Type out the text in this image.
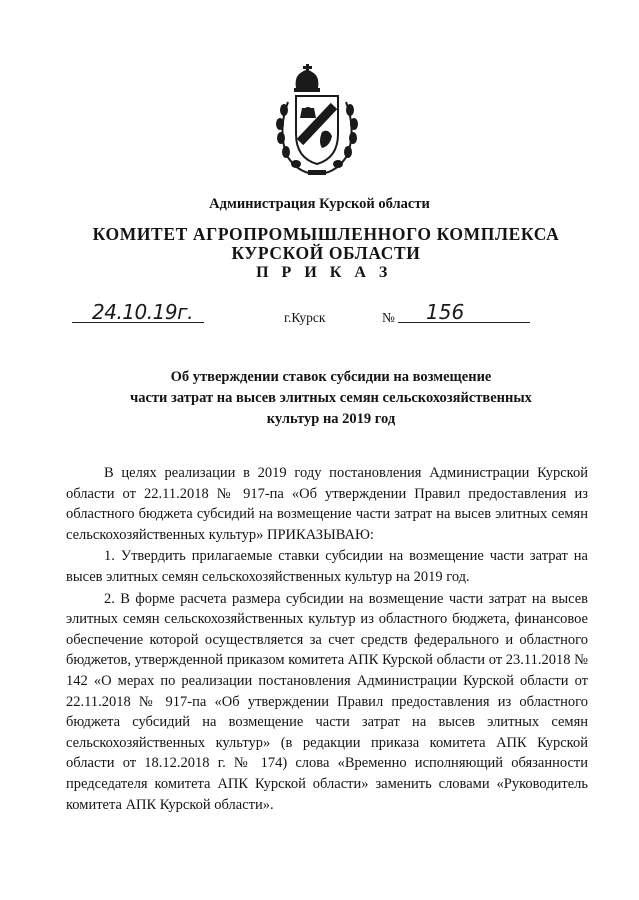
Администрация Курской области
КОМИТЕТ АГРОПРОМЫШЛЕННОГО КОМПЛЕКСА
КУРСКОЙ ОБЛАСТИ
П Р И К А З
24.10.19г.	г.Курск	№ 156
Об утверждении ставок субсидии на возмещение
части затрат на высев элитных семян сельскохозяйственных
культур на 2019 год

В целях реализации в 2019 году постановления Администрации Курской области от 22.11.2018 № 917-па «Об утверждении Правил предоставления из областного бюджета субсидий на возмещение части затрат на высев элитных семян сельскохозяйственных культур» ПРИКАЗЫВАЮ:

1. Утвердить прилагаемые ставки субсидии на возмещение части затрат на высев элитных семян сельскохозяйственных культур на 2019 год.

2. В форме расчета размера субсидии на возмещение части затрат на высев элитных семян сельскохозяйственных культур из областного бюджета, финансовое обеспечение которой осуществляется за счет средств федерального и областного бюджетов, утвержденной приказом комитета АПК Курской области от 23.11.2018 № 142 «О мерах по реализации постановления Администрации Курской области от 22.11.2018 № 917-па «Об утверждении Правил предоставления из областного бюджета субсидий на возмещение части затрат на высев элитных семян сельскохозяйственных культур» (в редакции приказа комитета АПК Курской области от 18.12.2018 г. № 174) слова «Временно исполняющий обязанности председателя комитета АПК Курской области» заменить словами «Руководитель комитета АПК Курской области».
